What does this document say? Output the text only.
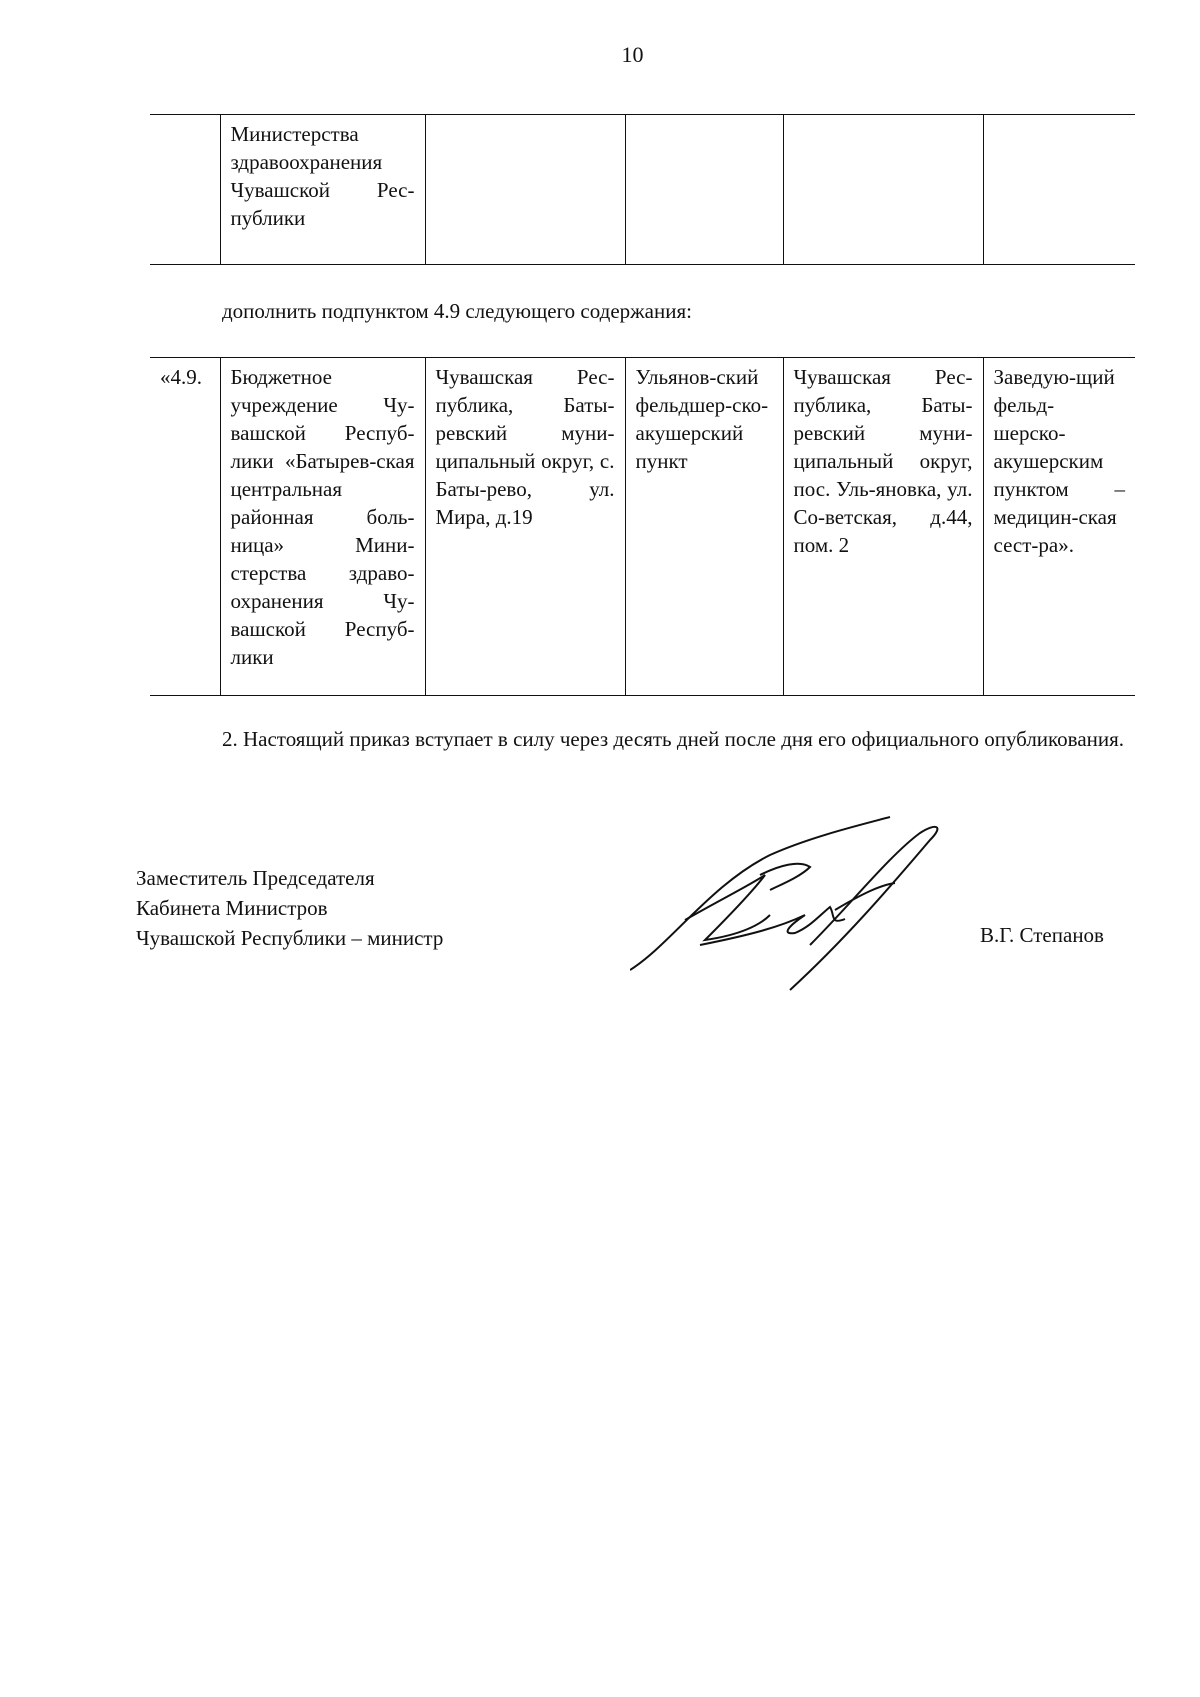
10
	Министерства здравоохранения Чувашской Рес-публики				
дополнить подпунктом 4.9 следующего содержания:
«4.9.	Бюджетное учреждение Чу-вашской Респуб-лики «Батырев-ская центральная районная боль-ница» Мини-стерства здраво-охранения Чу-вашской Респуб-лики	Чувашская Рес-публика, Баты-ревский муни-ципальный округ, с. Баты-рево, ул. Мира, д.19	Ульянов-ский фельдшер-ско-акушерский пункт	Чувашская Рес-публика, Баты-ревский муни-ципальный округ, пос. Уль-яновка, ул. Со-ветская, д.44, пом. 2	Заведую-щий фельд-шерско-акушерским пунктом – медицин-ская сест-ра».
2. Настоящий приказ вступает в силу через десять дней после дня его официального опубликования.
Заместитель Председателя
Кабинета Министров
Чувашской Республики – министр	В.Г. Степанов
